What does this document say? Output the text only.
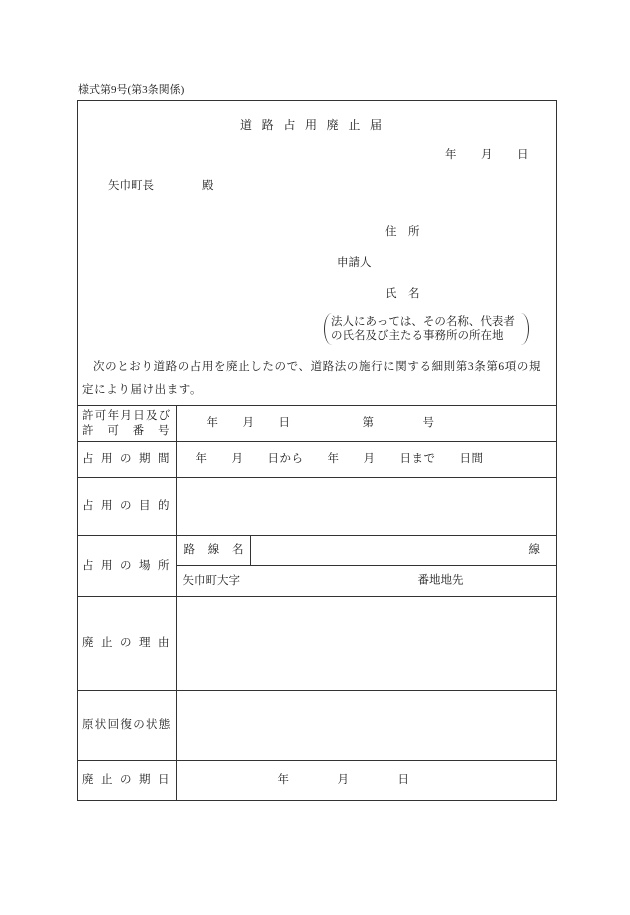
様式第9号(第3条関係)
道 路 占 用 廃 止 届
年　　月　　日
矢巾町長	殿
住　所
申請人
氏　名
法人にあっては、その名称、代表者
の氏名及び主たる事務所の所在地
次のとおり道路の占用を廃止したので、道路法の施行に関する細則第3条第6項の規
定により届け出ます。
許可年月日及び
許 可 番 号	年　　月　　日　　　　　　第　　　　号	

占 用 の 期 間	年　　月　　日から　　年　　月　　日まで　　日間	

占 用 の 目 的		

占 用 の 場 所	路 線 名	線
	矢巾町大字 番地地先	

廃 止 の 理 由		

原状回復の状態		

廃 止 の 期 日	年　　　　月　　　　日	
